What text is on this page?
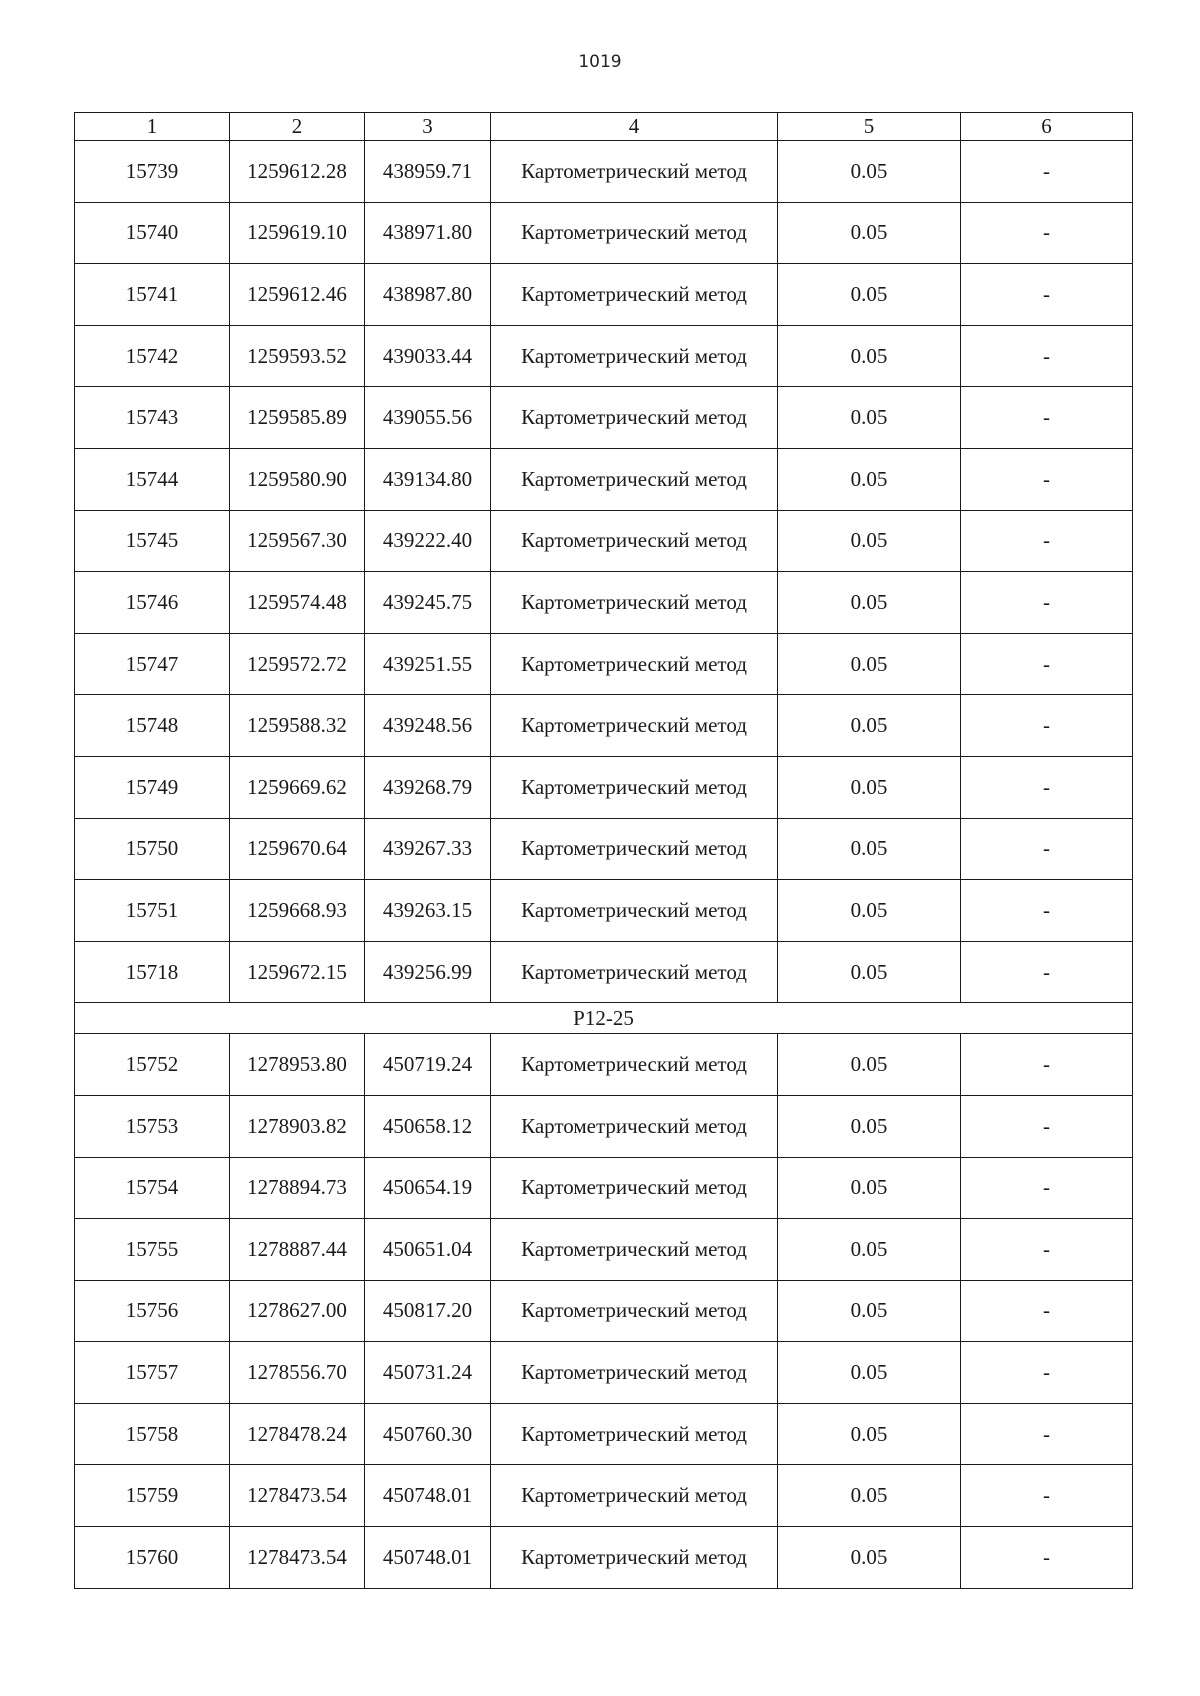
1019
1	2	3	4	5	6
15739	1259612.28	438959.71	Картометрический метод	0.05	-
15740	1259619.10	438971.80	Картометрический метод	0.05	-
15741	1259612.46	438987.80	Картометрический метод	0.05	-
15742	1259593.52	439033.44	Картометрический метод	0.05	-
15743	1259585.89	439055.56	Картометрический метод	0.05	-
15744	1259580.90	439134.80	Картометрический метод	0.05	-
15745	1259567.30	439222.40	Картометрический метод	0.05	-
15746	1259574.48	439245.75	Картометрический метод	0.05	-
15747	1259572.72	439251.55	Картометрический метод	0.05	-
15748	1259588.32	439248.56	Картометрический метод	0.05	-
15749	1259669.62	439268.79	Картометрический метод	0.05	-
15750	1259670.64	439267.33	Картометрический метод	0.05	-
15751	1259668.93	439263.15	Картометрический метод	0.05	-
15718	1259672.15	439256.99	Картометрический метод	0.05	-
Р12-25					
15752	1278953.80	450719.24	Картометрический метод	0.05	-
15753	1278903.82	450658.12	Картометрический метод	0.05	-
15754	1278894.73	450654.19	Картометрический метод	0.05	-
15755	1278887.44	450651.04	Картометрический метод	0.05	-
15756	1278627.00	450817.20	Картометрический метод	0.05	-
15757	1278556.70	450731.24	Картометрический метод	0.05	-
15758	1278478.24	450760.30	Картометрический метод	0.05	-
15759	1278473.54	450748.01	Картометрический метод	0.05	-
15760	1278473.54	450748.01	Картометрический метод	0.05	-
